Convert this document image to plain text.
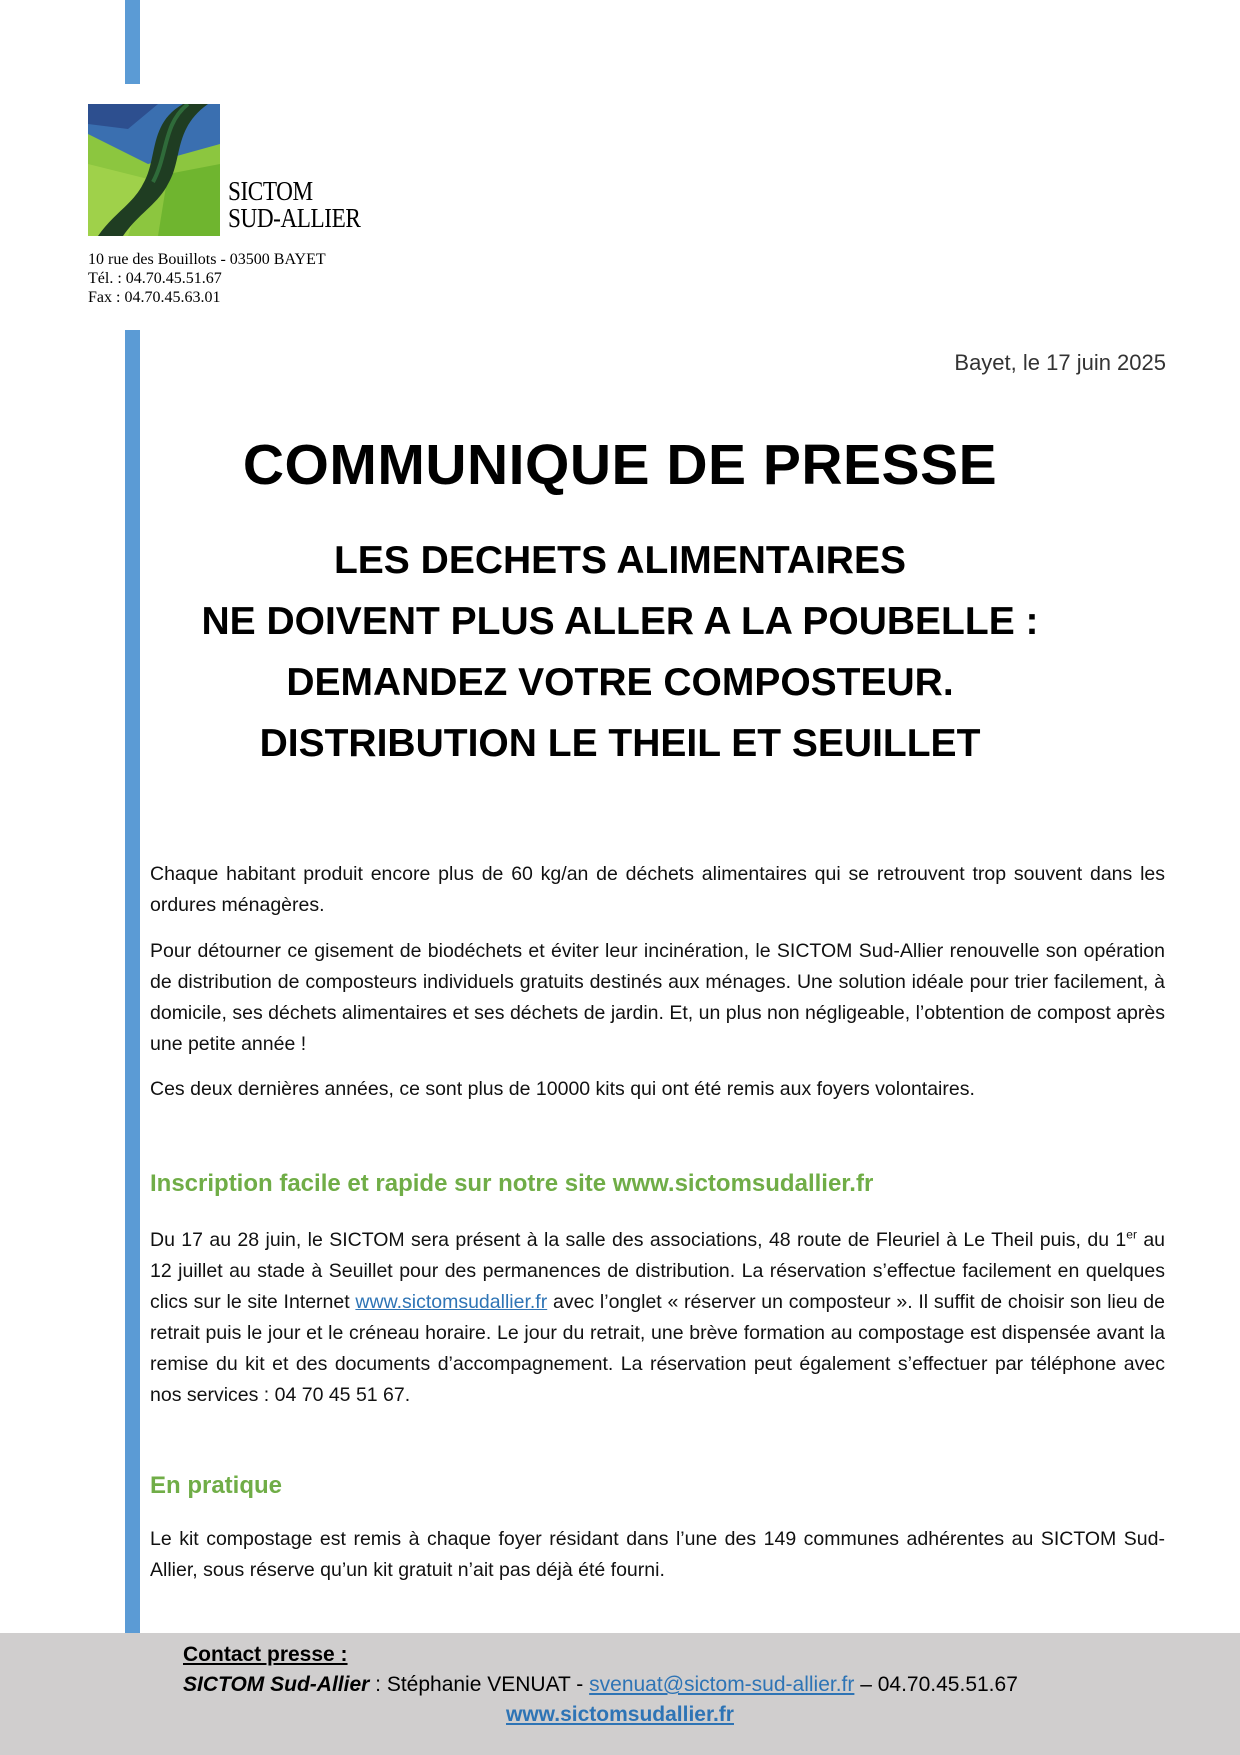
SICTOM
SUD-ALLIER
10 rue des Bouillots - 03500 BAYET
Tél. : 04.70.45.51.67
Fax : 04.70.45.63.01
Bayet, le 17 juin 2025
COMMUNIQUE DE PRESSE
LES DECHETS ALIMENTAIRES
NE DOIVENT PLUS ALLER A LA POUBELLE :
DEMANDEZ VOTRE COMPOSTEUR.
DISTRIBUTION LE THEIL ET SEUILLET
Chaque habitant produit encore plus de 60 kg/an de déchets alimentaires qui se retrouvent trop souvent dans les ordures ménagères.
Pour détourner ce gisement de biodéchets et éviter leur incinération, le SICTOM Sud-Allier renouvelle son opération de distribution de composteurs individuels gratuits destinés aux ménages. Une solution idéale pour trier facilement, à domicile, ses déchets alimentaires et ses déchets de jardin. Et, un plus non négligeable, l’obtention de compost après une petite année !
Ces deux dernières années, ce sont plus de 10000 kits qui ont été remis aux foyers volontaires.
Inscription facile et rapide sur notre site www.sictomsudallier.fr
Du 17 au 28 juin, le SICTOM sera présent à la salle des associations, 48 route de Fleuriel à Le Theil puis, du 1er au 12 juillet au stade à Seuillet pour des permanences de distribution. La réservation s’effectue facilement en quelques clics sur le site Internet www.sictomsudallier.fr avec l’onglet « réserver un composteur ». Il suffit de choisir son lieu de retrait puis le jour et le créneau horaire. Le jour du retrait, une brève formation au compostage est dispensée avant la remise du kit et des documents d’accompagnement. La réservation peut également s’effectuer par téléphone avec nos services : 04 70 45 51 67.
En pratique
Le kit compostage est remis à chaque foyer résidant dans l’une des 149 communes adhérentes au SICTOM Sud-Allier, sous réserve qu’un kit gratuit n’ait pas déjà été fourni.
Contact presse :
SICTOM Sud-Allier : Stéphanie VENUAT - svenuat@sictom-sud-allier.fr – 04.70.45.51.67
www.sictomsudallier.fr
